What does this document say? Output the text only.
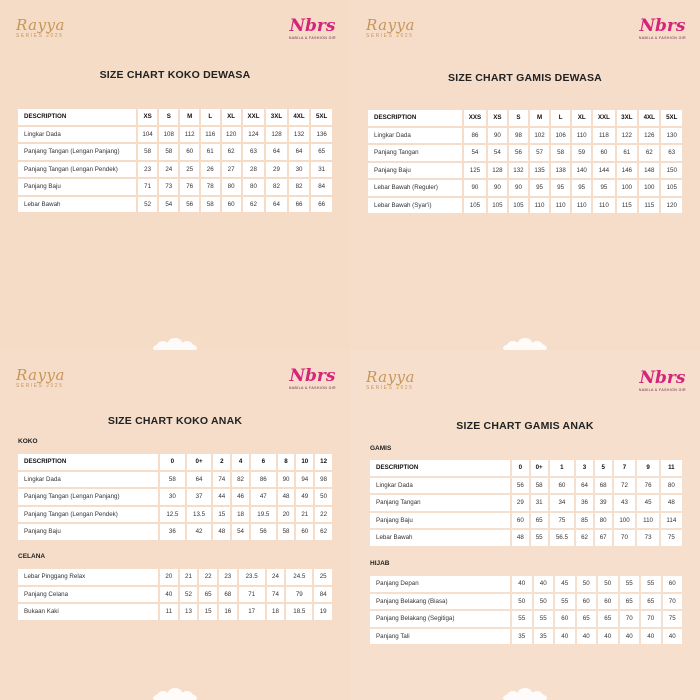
Rayya
SERIES 2025	Nbrs
NABILA & FASHION GIR
SIZE CHART KOKO DEWASA
DESCRIPTION	XS	S	M	L	XL	XXL	3XL	4XL	5XL
Lingkar Dada	104	108	112	116	120	124	128	132	136
Panjang Tangan (Lengan Panjang)	58	58	60	61	62	63	64	64	65
Panjang Tangan (Lengan Pendek)	23	24	25	26	27	28	29	30	31
Panjang Baju	71	73	76	78	80	80	82	82	84
Lebar Bawah	52	54	56	58	60	62	64	66	66
Rayya
SERIES 2025	Nbrs
NABILA & FASHION GIR
SIZE CHART GAMIS DEWASA
DESCRIPTION	XXS	XS	S	M	L	XL	XXL	3XL	4XL	5XL
Lingkar Dada	86	90	98	102	106	110	118	122	126	130
Panjang Tangan	54	54	56	57	58	59	60	61	62	63
Panjang Baju	125	128	132	135	138	140	144	146	148	150
Lebar Bawah (Reguler)	90	90	90	95	95	95	95	100	100	105
Lebar Bawah (Syar'i)	105	105	105	110	110	110	110	115	115	120
Rayya
SERIES 2025	Nbrs
NABILA & FASHION GIR
SIZE CHART KOKO ANAK
KOKO
DESCRIPTION	0	0+	2	4	6	8	10	12
Lingkar Dada	58	64	74	82	86	90	94	98
Panjang Tangan (Lengan Panjang)	30	37	44	46	47	48	49	50
Panjang Tangan (Lengan Pendek)	12.5	13.5	15	18	19.5	20	21	22
Panjang Baju	36	42	48	54	56	58	60	62
CELANA
Lebar Pinggang Relax	20	21	22	23	23.5	24	24.5	25
Panjang Celana	40	52	65	68	71	74	79	84
Bukaan Kaki	11	13	15	16	17	18	18.5	19
Rayya
SERIES 2025	Nbrs
NABILA & FASHION GIR
SIZE CHART GAMIS ANAK
GAMIS
DESCRIPTION	0	0+	1	3	5	7	9	11
Lingkar Dada	56	58	60	64	68	72	76	80
Panjang Tangan	29	31	34	36	39	43	45	48
Panjang Baju	60	65	75	85	80	100	110	114
Lebar Bawah	48	55	56.5	62	67	70	73	75
HIJAB
Panjang Depan	40	40	45	50	50	55	55	60
Panjang Belakang (Biasa)	50	50	55	60	60	65	65	70
Panjang Belakang (Segitiga)	55	55	60	65	65	70	70	75
Panjang Tali	35	35	40	40	40	40	40	40
